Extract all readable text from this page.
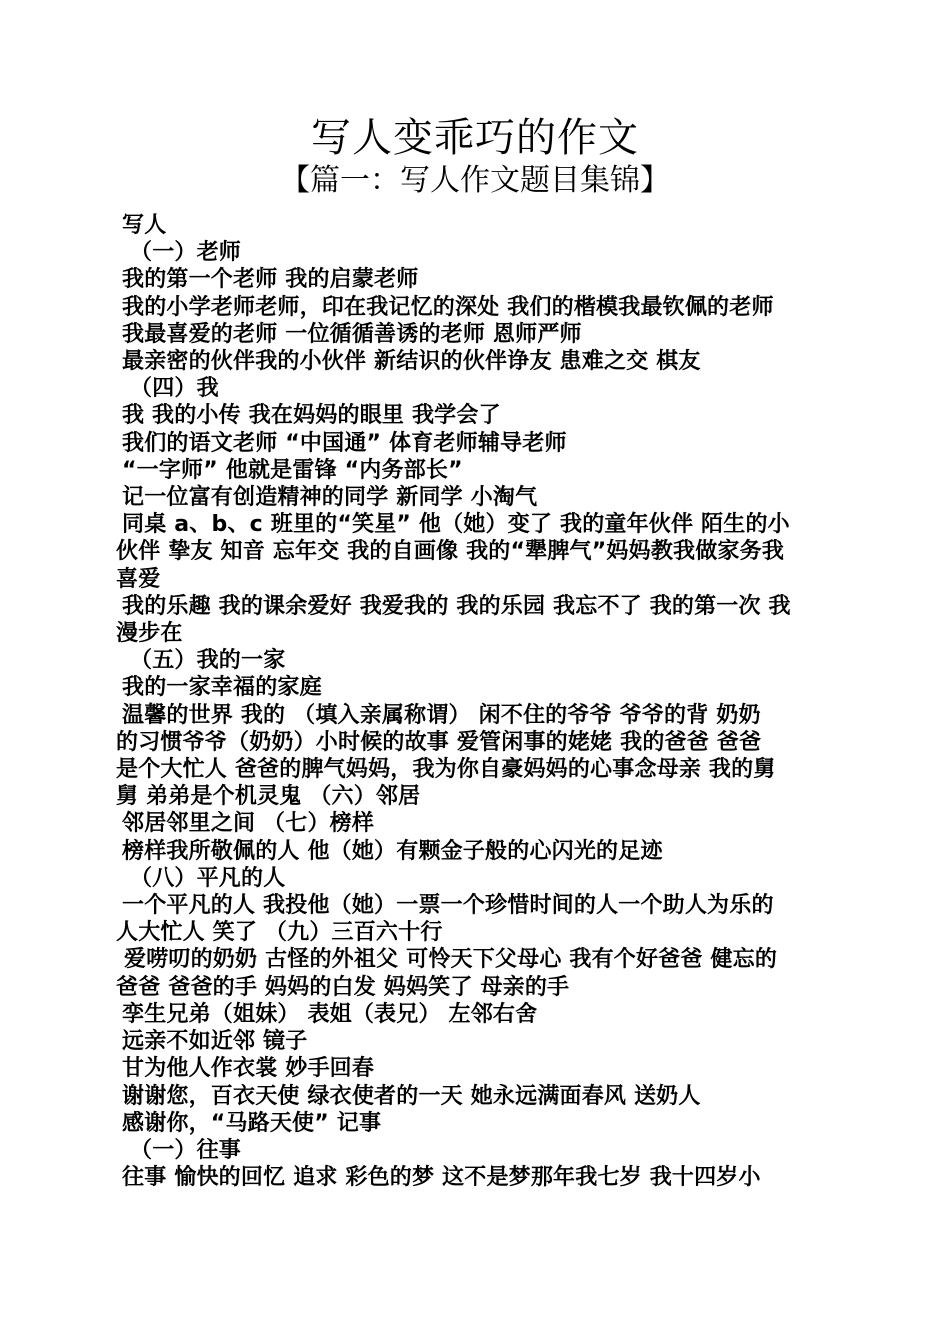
写人变乖巧的作文
【篇一：写人作文题目集锦】
写人
（一）老师
我的第一个老师 我的启蒙老师
我的小学老师老师，印在我记忆的深处 我们的楷模我最钦佩的老师
我最喜爱的老师 一位循循善诱的老师 恩师严师
最亲密的伙伴我的小伙伴 新结识的伙伴诤友 患难之交 棋友
（四）我
我 我的小传 我在妈妈的眼里 我学会了
我们的语文老师 “中国通” 体育老师辅导老师
“一字师” 他就是雷锋 “内务部长”
记一位富有创造精神的同学 新同学 小淘气
同桌 a、b、c 班里的“笑星” 他（她）变了 我的童年伙伴 陌生的小
伙伴 挚友 知音 忘年交 我的自画像 我的“犟脾气”妈妈教我做家务我
喜爱
我的乐趣 我的课余爱好 我爱我的 我的乐园 我忘不了 我的第一次 我
漫步在
（五）我的一家
我的一家幸福的家庭
温馨的世界 我的 （填入亲属称谓） 闲不住的爷爷 爷爷的背 奶奶
的习惯爷爷（奶奶）小时候的故事 爱管闲事的姥姥 我的爸爸 爸爸
是个大忙人 爸爸的脾气妈妈，我为你自豪妈妈的心事念母亲 我的舅
舅 弟弟是个机灵鬼 （六）邻居
邻居邻里之间 （七）榜样
榜样我所敬佩的人 他（她）有颗金子般的心闪光的足迹
（八）平凡的人
一个平凡的人 我投他（她）一票一个珍惜时间的人一个助人为乐的
人大忙人 笑了 （九）三百六十行
爱唠叨的奶奶 古怪的外祖父 可怜天下父母心 我有个好爸爸 健忘的
爸爸 爸爸的手 妈妈的白发 妈妈笑了 母亲的手
孪生兄弟（姐妹） 表姐（表兄） 左邻右舍
远亲不如近邻 镜子
甘为他人作衣裳 妙手回春
谢谢您，百衣天使 绿衣使者的一天 她永远满面春风 送奶人
感谢你，“马路天使” 记事
（一）往事
往事 愉快的回忆 追求 彩色的梦 这不是梦那年我七岁 我十四岁小
